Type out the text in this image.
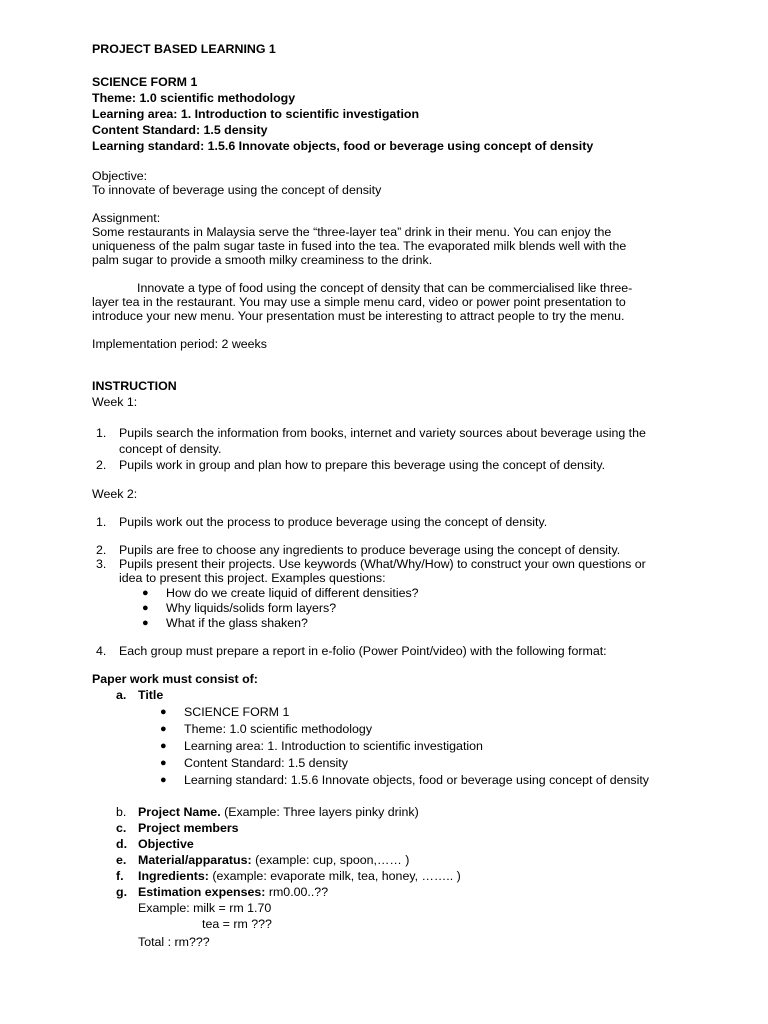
PROJECT BASED LEARNING 1
SCIENCE FORM 1
Theme: 1.0 scientific methodology
Learning area: 1. Introduction to scientific investigation
Content Standard: 1.5 density
Learning standard: 1.5.6 Innovate objects, food or beverage using concept of density
Objective:
To innovate of beverage using the concept of density
Assignment:
Some restaurants in Malaysia serve the “three-layer tea” drink in their menu. You can enjoy the
uniqueness of the palm sugar taste in fused into the tea. The evaporated milk blends well with the
palm sugar to provide a smooth milky creaminess to the drink.
Innovate a type of food using the concept of density that can be commercialised like three-
layer tea in the restaurant. You may use a simple menu card, video or power point presentation to
introduce your new menu. Your presentation must be interesting to attract people to try the menu.
Implementation period: 2 weeks
INSTRUCTION
Week 1:
1. Pupils search the information from books, internet and variety sources about beverage using the
concept of density.
2. Pupils work in group and plan how to prepare this beverage using the concept of density.
Week 2:
1. Pupils work out the process to produce beverage using the concept of density.
2. Pupils are free to choose any ingredients to produce beverage using the concept of density.
3. Pupils present their projects. Use keywords (What/Why/How) to construct your own questions or
idea to present this project. Examples questions:
● How do we create liquid of different densities?
● Why liquids/solids form layers?
● What if the glass shaken?
4. Each group must prepare a report in e-folio (Power Point/video) with the following format:
Paper work must consist of:
a. Title
● SCIENCE FORM 1
● Theme: 1.0 scientific methodology
● Learning area: 1. Introduction to scientific investigation
● Content Standard: 1.5 density
● Learning standard: 1.5.6 Innovate objects, food or beverage using concept of density
b. Project Name. (Example: Three layers pinky drink)
c. Project members
d. Objective
e. Material/apparatus: (example: cup, spoon,…… )
f. Ingredients: (example: evaporate milk, tea, honey, …….. )
g. Estimation expenses: rm0.00..??
Example: milk = rm 1.70
tea = rm ???
Total : rm???
